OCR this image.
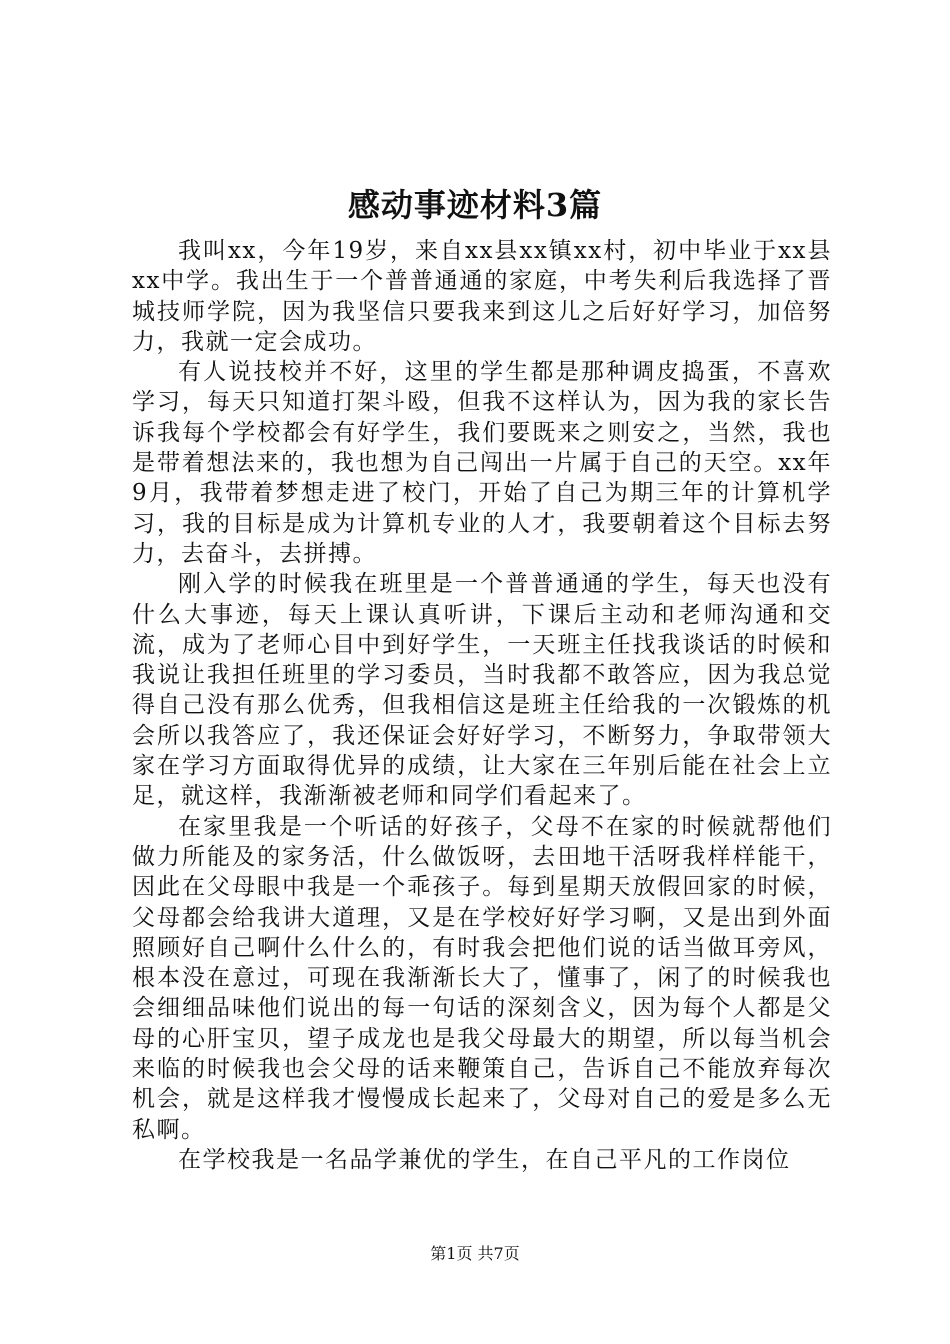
感动事迹材料3篇

我叫xx，今年19岁，来自xx县xx镇xx村，初中毕业于xx县xx中学。我出生于一个普普通通的家庭，中考失利后我选择了晋城技师学院，因为我坚信只要我来到这儿之后好好学习，加倍努力，我就一定会成功。

有人说技校并不好，这里的学生都是那种调皮捣蛋，不喜欢学习，每天只知道打架斗殴，但我不这样认为，因为我的家长告诉我每个学校都会有好学生，我们要既来之则安之，当然，我也是带着想法来的，我也想为自己闯出一片属于自己的天空。xx年9月，我带着梦想走进了校门，开始了自己为期三年的计算机学习，我的目标是成为计算机专业的人才，我要朝着这个目标去努力，去奋斗，去拼搏。

刚入学的时候我在班里是一个普普通通的学生，每天也没有什么大事迹，每天上课认真听讲，下课后主动和老师沟通和交流，成为了老师心目中到好学生，一天班主任找我谈话的时候和我说让我担任班里的学习委员，当时我都不敢答应，因为我总觉得自己没有那么优秀，但我相信这是班主任给我的一次锻炼的机会所以我答应了，我还保证会好好学习，不断努力，争取带领大家在学习方面取得优异的成绩，让大家在三年别后能在社会上立足，就这样，我渐渐被老师和同学们看起来了。

在家里我是一个听话的好孩子，父母不在家的时候就帮他们做力所能及的家务活，什么做饭呀，去田地干活呀我样样能干，因此在父母眼中我是一个乖孩子。每到星期天放假回家的时候，父母都会给我讲大道理，又是在学校好好学习啊，又是出到外面照顾好自己啊什么什么的，有时我会把他们说的话当做耳旁风，根本没在意过，可现在我渐渐长大了，懂事了，闲了的时候我也会细细品味他们说出的每一句话的深刻含义，因为每个人都是父母的心肝宝贝，望子成龙也是我父母最大的期望，所以每当机会来临的时候我也会父母的话来鞭策自己，告诉自己不能放弃每次机会，就是这样我才慢慢成长起来了，父母对自己的爱是多么无私啊。

在学校我是一名品学兼优的学生，在自己平凡的工作岗位

第1页 共7页
